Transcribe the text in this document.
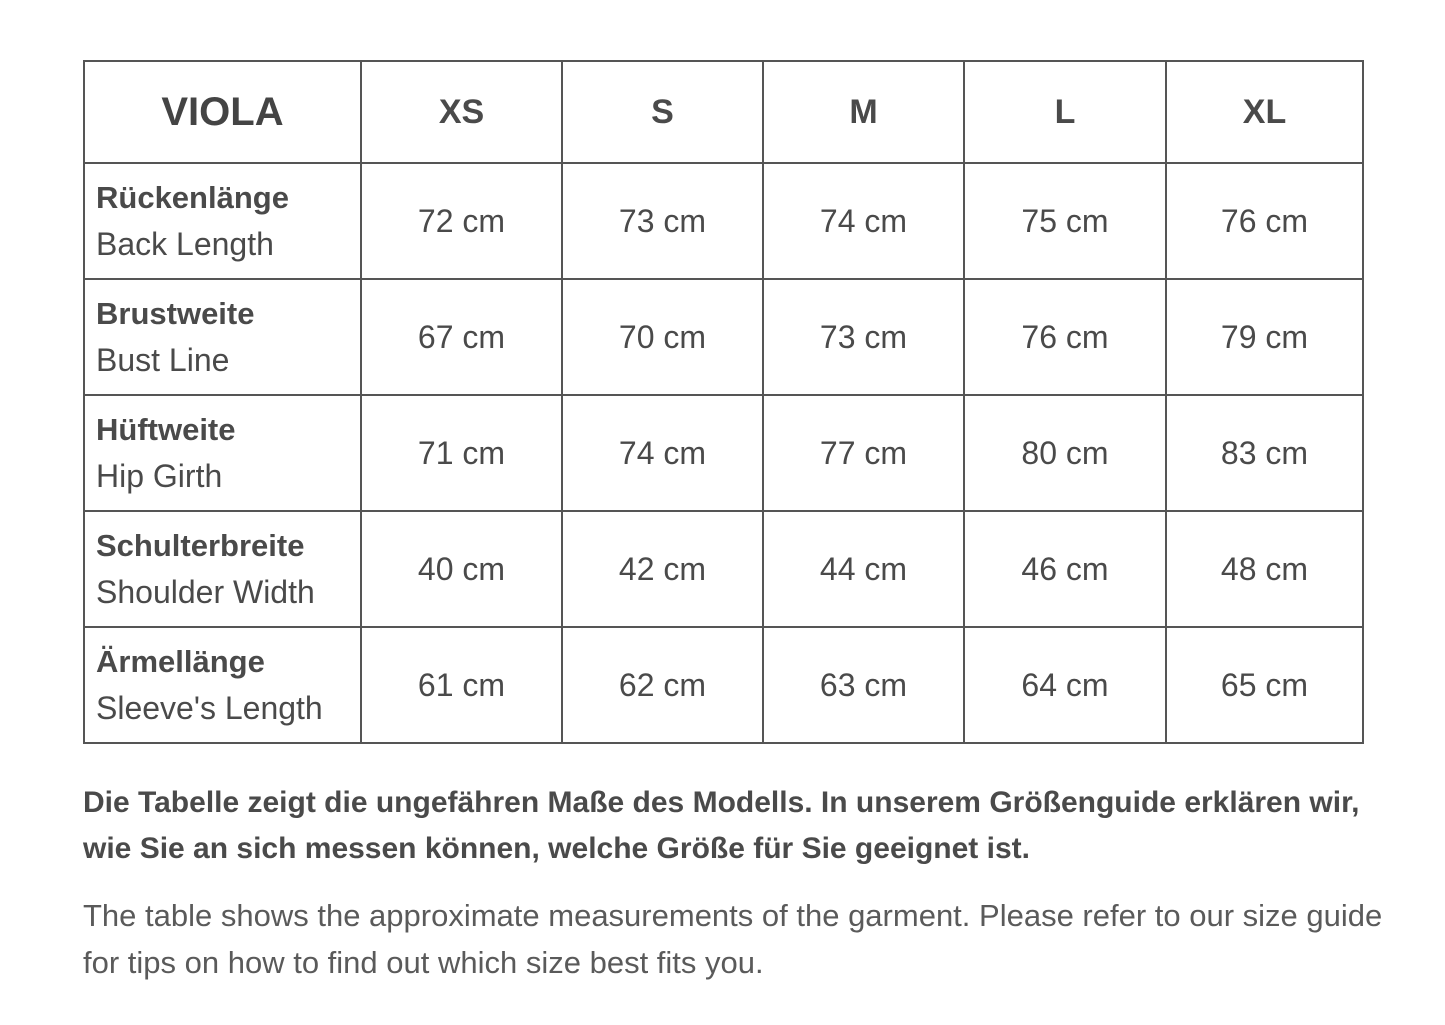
VIOLA	XS	S	M	L	XL

Rückenlänge
Back Length	72 cm	73 cm	74 cm	75 cm	76 cm

Brustweite
Bust Line	67 cm	70 cm	73 cm	76 cm	79 cm

Hüftweite
Hip Girth	71 cm	74 cm	77 cm	80 cm	83 cm

Schulterbreite
Shoulder Width	40 cm	42 cm	44 cm	46 cm	48 cm

Ärmellänge
Sleeve's Length	61 cm	62 cm	63 cm	64 cm	65 cm

Die Tabelle zeigt die ungefähren Maße des Modells. In unserem Größenguide erklären wir, wie Sie an sich messen können, welche Größe für Sie geeignet ist.

The table shows the approximate measurements of the garment. Please refer to our size guide for tips on how to find out which size best fits you.
